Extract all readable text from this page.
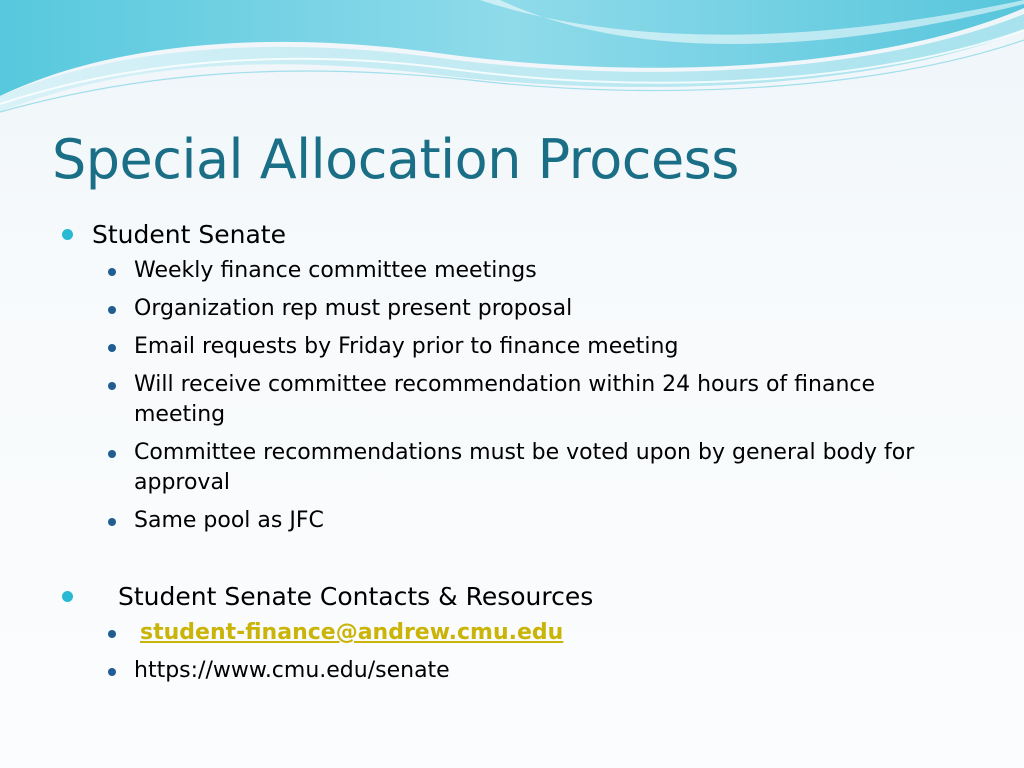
Special Allocation Process
Student Senate
Weekly finance committee meetings
Organization rep must present proposal
Email requests by Friday prior to finance meeting
Will receive committee recommendation within 24 hours of finance meeting
Committee recommendations must be voted upon by general body for approval
Same pool as JFC
Student Senate Contacts & Resources
student-finance@andrew.cmu.edu
https://www.cmu.edu/senate
